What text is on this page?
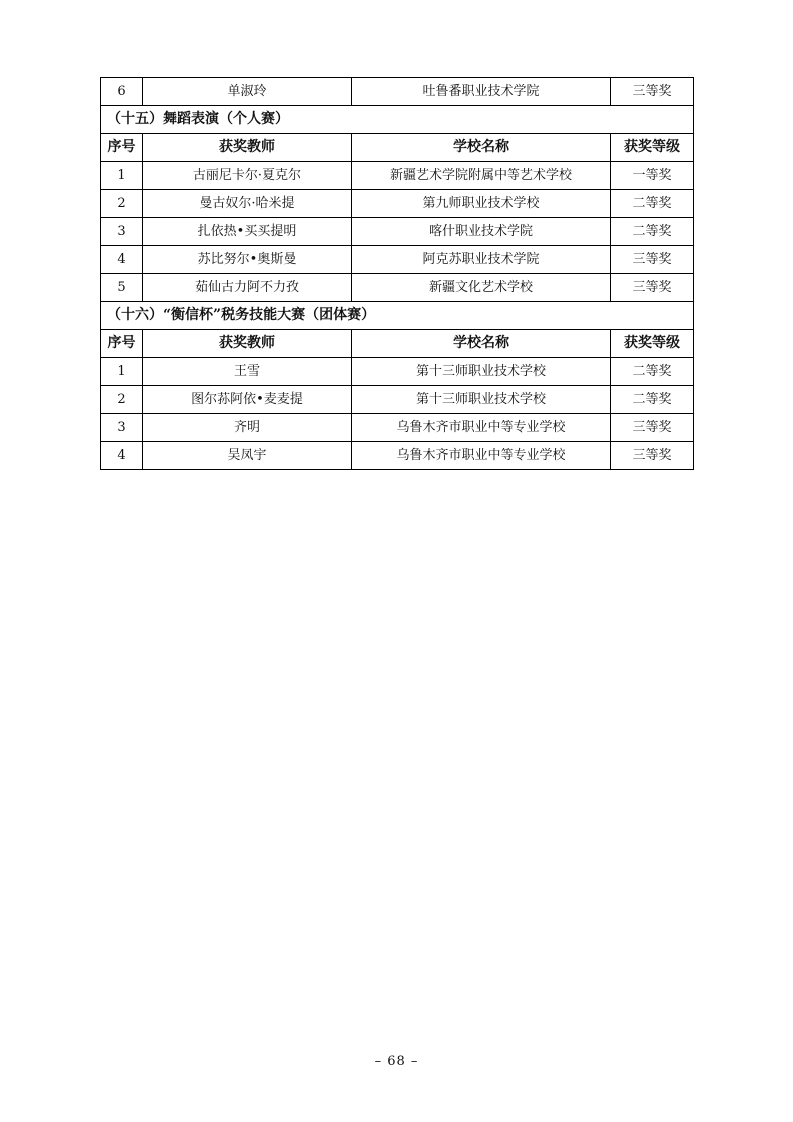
6	单淑玲	吐鲁番职业技术学院	三等奖
（十五）舞蹈表演（个人赛）			
序号	获奖教师	学校名称	获奖等级
1	古丽尼卡尔·夏克尔	新疆艺术学院附属中等艺术学校	一等奖
2	曼古奴尔·哈米提	第九师职业技术学校	二等奖
3	扎依热•买买提明	喀什职业技术学院	二等奖
4	苏比努尔•奥斯曼	阿克苏职业技术学院	三等奖
5	茹仙古力阿不力孜	新疆文化艺术学校	三等奖
（十六）“衡信杯”税务技能大赛（团体赛）			
序号	获奖教师	学校名称	获奖等级
1	王雪	第十三师职业技术学校	二等奖
2	图尔荪阿依•麦麦提	第十三师职业技术学校	二等奖
3	齐明	乌鲁木齐市职业中等专业学校	三等奖
4	吴凤宇	乌鲁木齐市职业中等专业学校	三等奖
– 68 –
